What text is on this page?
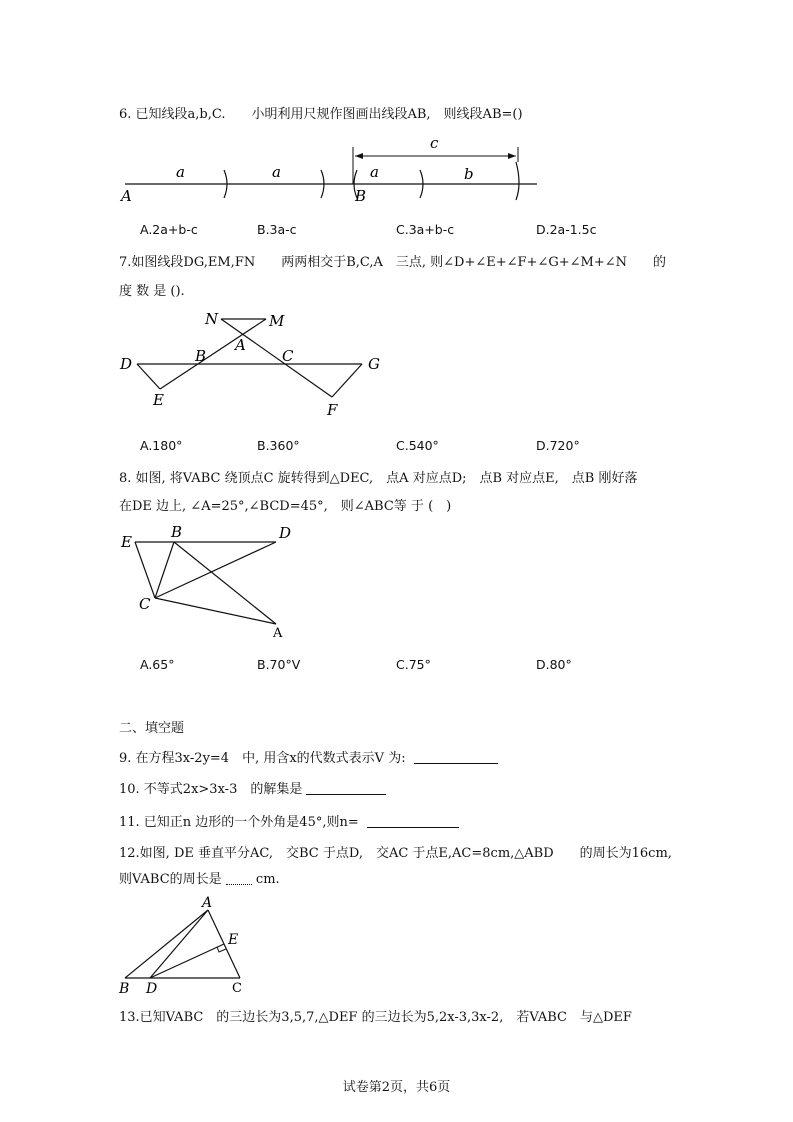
6. 已知线段a,b,C.　　小明利用尺规作图画出线段AB,　则线段AB=()
a	a
c
a	b
A	B
A.2a+b-c	B.3a-c	C.3a+b-c	D.2a-1.5c
7.如图线段DG,EM,FN　　两两相交于B,C,A　三点, 则∠D+∠E+∠F+∠G+∠M+∠N　　的
度 数 是 ().
N	M
A
D	B	C	G
E
F
A.180°	B.360°	C.540°	D.720°
8. 如图, 将VABC 绕顶点C 旋转得到△DEC,　点A 对应点D;　点B 对应点E,　点B 刚好落
在DE 边上, ∠A=25°,∠BCD=45°,　则∠ABC等 于 (　)
E
B	D
C
A
A.65°	B.70°V	C.75°	D.80°
二、填空题
9. 在方程3x-2y=4　中, 用含x的代数式表示V 为:
10. 不等式2x>3x-3　的解集是
11. 已知正n 边形的一个外角是45°,则n=
12.如图, DE 垂直平分AC,　交BC 于点D,　交AC 于点E,AC=8cm,△ABD　　的周长为16cm,
则VABC的周长是	cm.
A
E
B D	C
13.已知VABC　的三边长为3,5,7,△DEF 的三边长为5,2x-3,3x-2,　若VABC　与△DEF
试卷第2页，共6页
